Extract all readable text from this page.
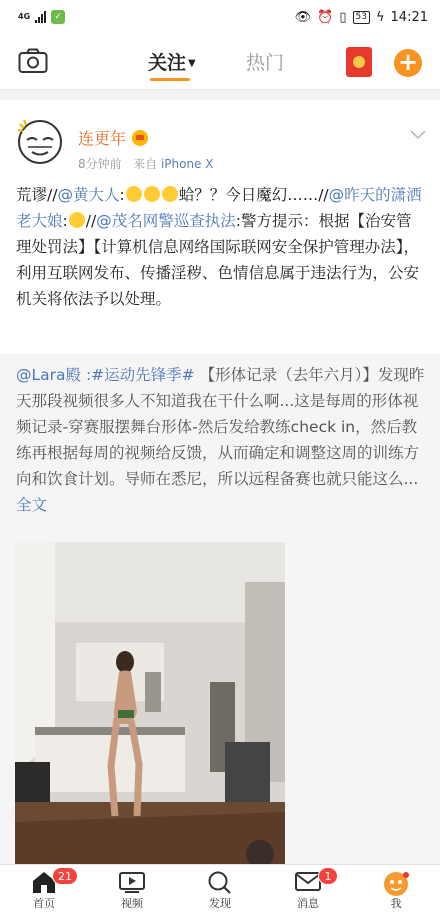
4G	✓	👁 ⏰ ▯	53 ϟ 14:21
关注 ▼	热门	+
连更年
8分钟前 来自 iPhone X
荒谬//@黄大人:	蛤？？今日魔幻……//@昨天的潇洒老大娘: //@茂名网警巡查执法:警方提示：根据【治安管理处罚法】【计算机信息网络国际联网安全保护管理办法】，利用互联网发布、传播淫秽、色情信息属于违法行为，公安机关将依法予以处理。
@Lara殿 :#运动先锋季# 【形体记录（去年六月）】发现昨天那段视频很多人不知道我在干什么啊...这是每周的形体视频记录-穿赛服摆舞台形体-然后发给教练check in，然后教练再根据每周的视频给反馈，从而确定和调整这周的训练方向和饮食计划。导师在悉尼，所以远程备赛也就只能这么... 全文
21
首页	视频	发现
1
消息	我
